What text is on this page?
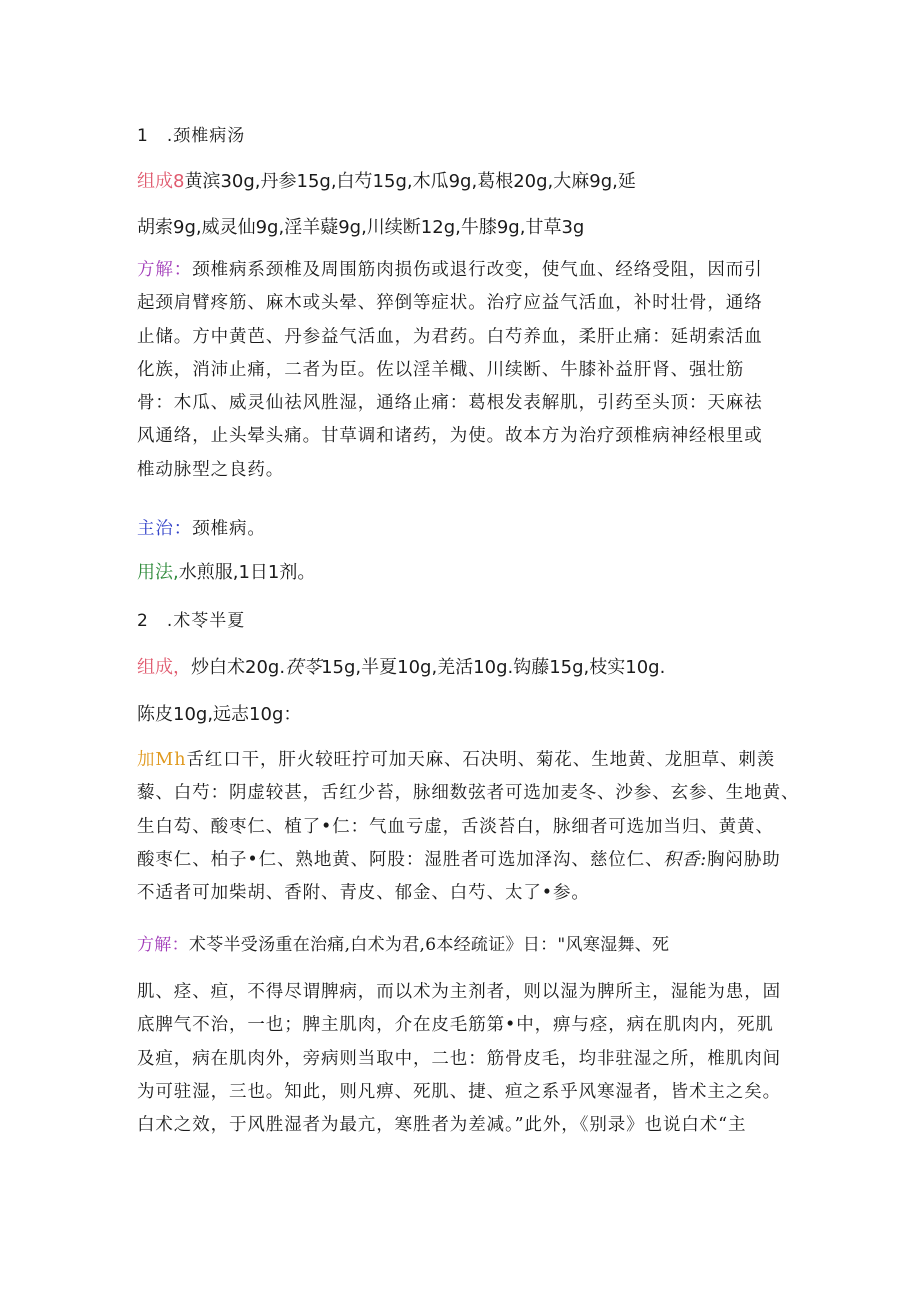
1　.颈椎病汤
组成8黄滨30g,丹参15g,白芍15g,木瓜9g,葛根20g,大麻9g,延
胡索9g,威灵仙9g,淫羊薿9g,川续断12g,牛膝9g,甘草3g
方解：颈椎病系颈椎及周围筋肉损伤或退行改变，使气血、经络受阻，因而引
起颈肩臂疼筋、麻木或头晕、猝倒等症状。治疗应益气活血，补时壮骨，通络
止储。方中黄芭、丹参益气活血，为君药。白芍养血，柔肝止痛：延胡索活血
化族，消沛止痛，二者为臣。佐以淫羊檝、川续断、牛膝补益肝肾、强壮筋
骨：木瓜、威灵仙祛风胜湿，通络止痛：葛根发表解肌，引药至头顶：天麻祛
风通络，止头晕头痛。甘草调和诸药，为使。故本方为治疗颈椎病神经根里或
椎动脉型之良药。
主治：颈椎病。
用法,水煎服,1日1剂。
2　.术苓半夏
组成，炒白术20g.茯苓15g,半夏10g,羌活10g.钩藤15g,枝实10g.
陈皮10g,远志10g：
加Mh舌红口干，肝火较旺拧可加天麻、石决明、菊花、生地黄、龙胆草、刺羡
藜、白芍：阴虚较甚，舌红少苔，脉细数弦者可选加麦冬、沙参、玄参、生地黄、
生白芶、酸枣仁、植了•仁：气血亏虚，舌淡苔白，脉细者可选加当归、黄黄、
酸枣仁、柏子•仁、熟地黄、阿股：湿胜者可选加泽沟、慈位仁、积香:胸闷胁助
不适者可加柴胡、香附、青皮、郁金、白芍、太了•参。
方解：术苓半受汤重在治痛,白术为君,6本经疏证》日："风寒湿舞、死
肌、痉、疸，不得尽谓脾病，而以术为主剂者，则以湿为脾所主，湿能为患，固
底脾气不治，一也；脾主肌肉，介在皮毛筋第•中，痹与痉，病在肌肉内，死肌
及疸，病在肌肉外，旁病则当取中，二也：筋骨皮毛，均非驻湿之所，椎肌肉间
为可驻湿，三也。知此，则凡痹、死肌、捷、疸之系乎风寒湿者，皆术主之矣。
白术之效，于风胜湿者为最亢，寒胜者为差减。”此外，《别录》也说白术“主
